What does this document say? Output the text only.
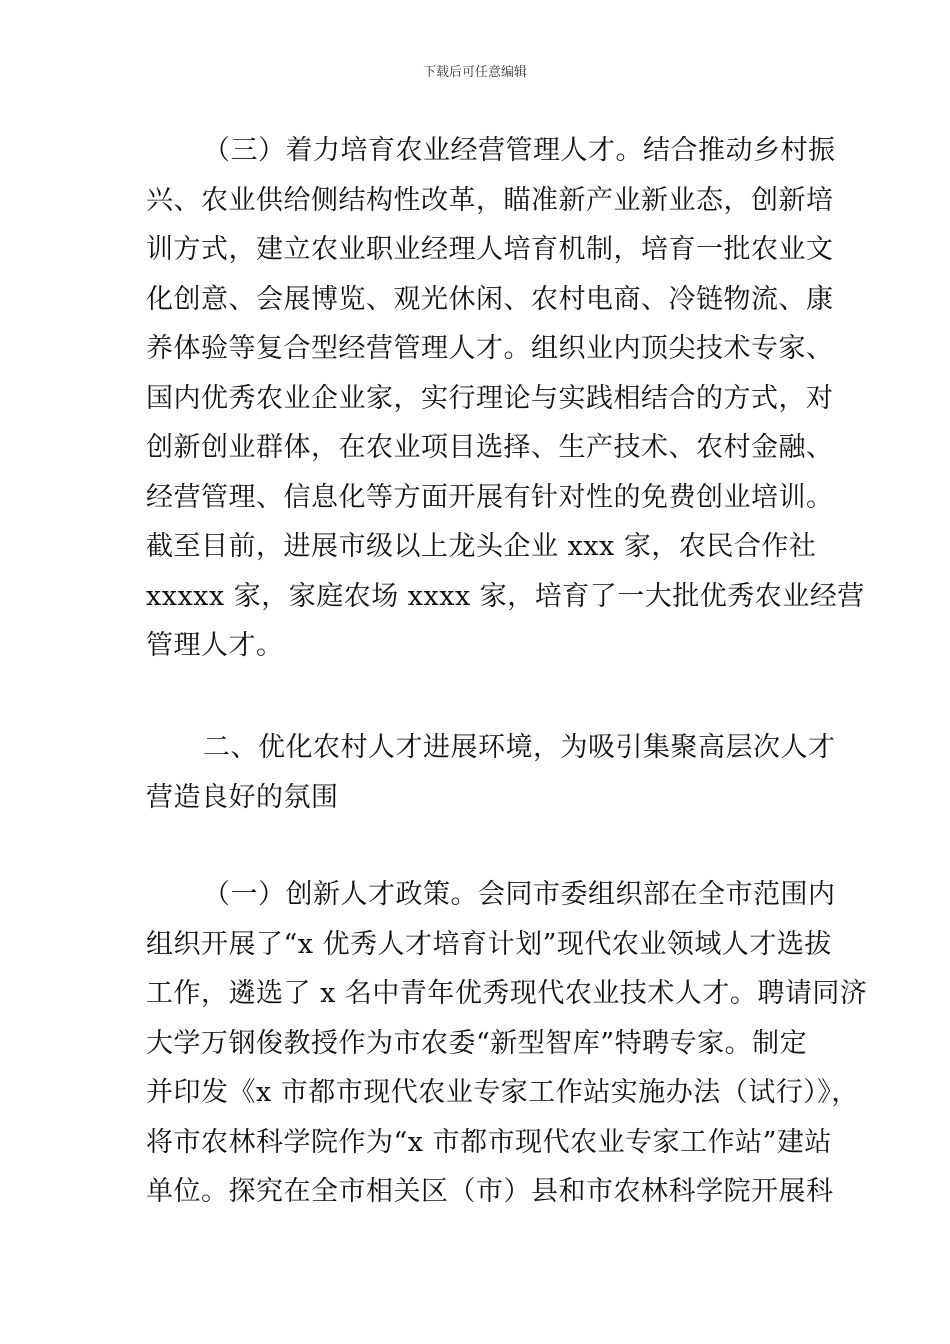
下载后可任意编辑
（三）着力培育农业经营管理人才。结合推动乡村振
兴、农业供给侧结构性改革，瞄准新产业新业态，创新培
训方式，建立农业职业经理人培育机制，培育一批农业文
化创意、会展博览、观光休闲、农村电商、冷链物流、康
养体验等复合型经营管理人才。组织业内顶尖技术专家、
国内优秀农业企业家，实行理论与实践相结合的方式，对
创新创业群体，在农业项目选择、生产技术、农村金融、
经营管理、信息化等方面开展有针对性的免费创业培训。
截至目前，进展市级以上龙头企业 xxx 家，农民合作社
xxxxx 家，家庭农场 xxxx 家，培育了一大批优秀农业经营
管理人才。
二、优化农村人才进展环境，为吸引集聚高层次人才
营造良好的氛围
（一）创新人才政策。会同市委组织部在全市范围内
组织开展了“x 优秀人才培育计划”现代农业领域人才选拔
工作，遴选了 x 名中青年优秀现代农业技术人才。聘请同济
大学万钢俊教授作为市农委“新型智库”特聘专家。制定
并印发《x 市都市现代农业专家工作站实施办法（试行）》，
将市农林科学院作为“x 市都市现代农业专家工作站”建站
单位。探究在全市相关区（市）县和市农林科学院开展科
